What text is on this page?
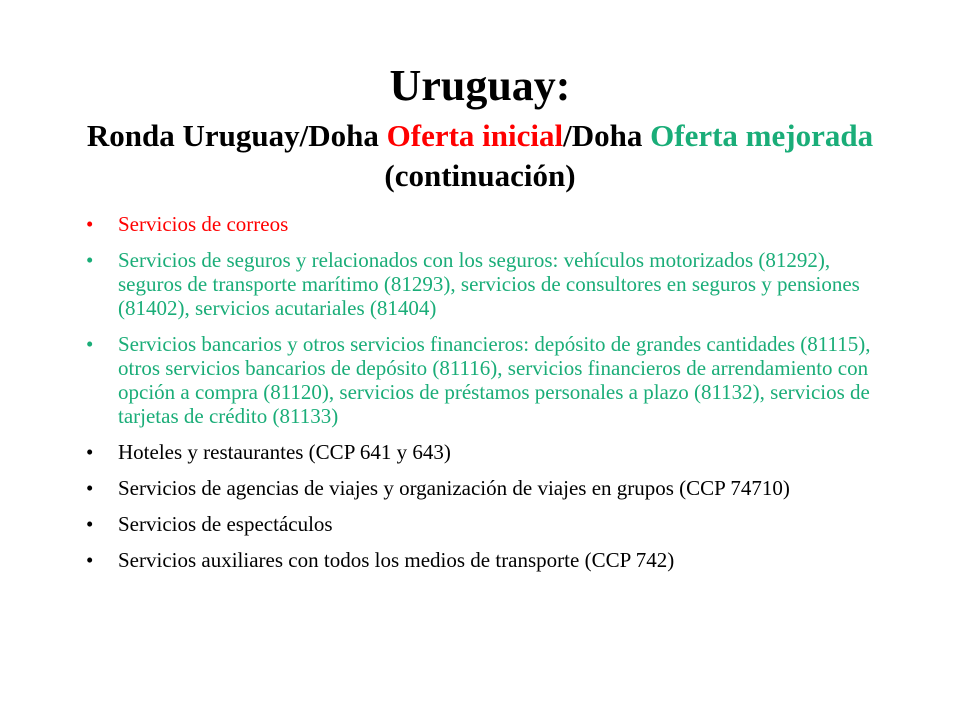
Uruguay:
Ronda Uruguay/Doha Oferta inicial/Doha Oferta mejorada (continuación)
• Servicios de correos
• Servicios de seguros y relacionados con los seguros: vehículos motorizados (81292), seguros de transporte marítimo (81293), servicios de consultores en seguros y pensiones (81402), servicios acutariales (81404)
• Servicios bancarios y otros servicios financieros: depósito de grandes cantidades (81115), otros servicios bancarios de depósito (81116), servicios financieros de arrendamiento con opción a compra (81120), servicios de préstamos personales a plazo (81132), servicios de tarjetas de crédito (81133)
• Hoteles y restaurantes (CCP 641 y 643)
• Servicios de agencias de viajes y organización de viajes en grupos (CCP 74710)
• Servicios de espectáculos
• Servicios auxiliares con todos los medios de transporte (CCP 742)
